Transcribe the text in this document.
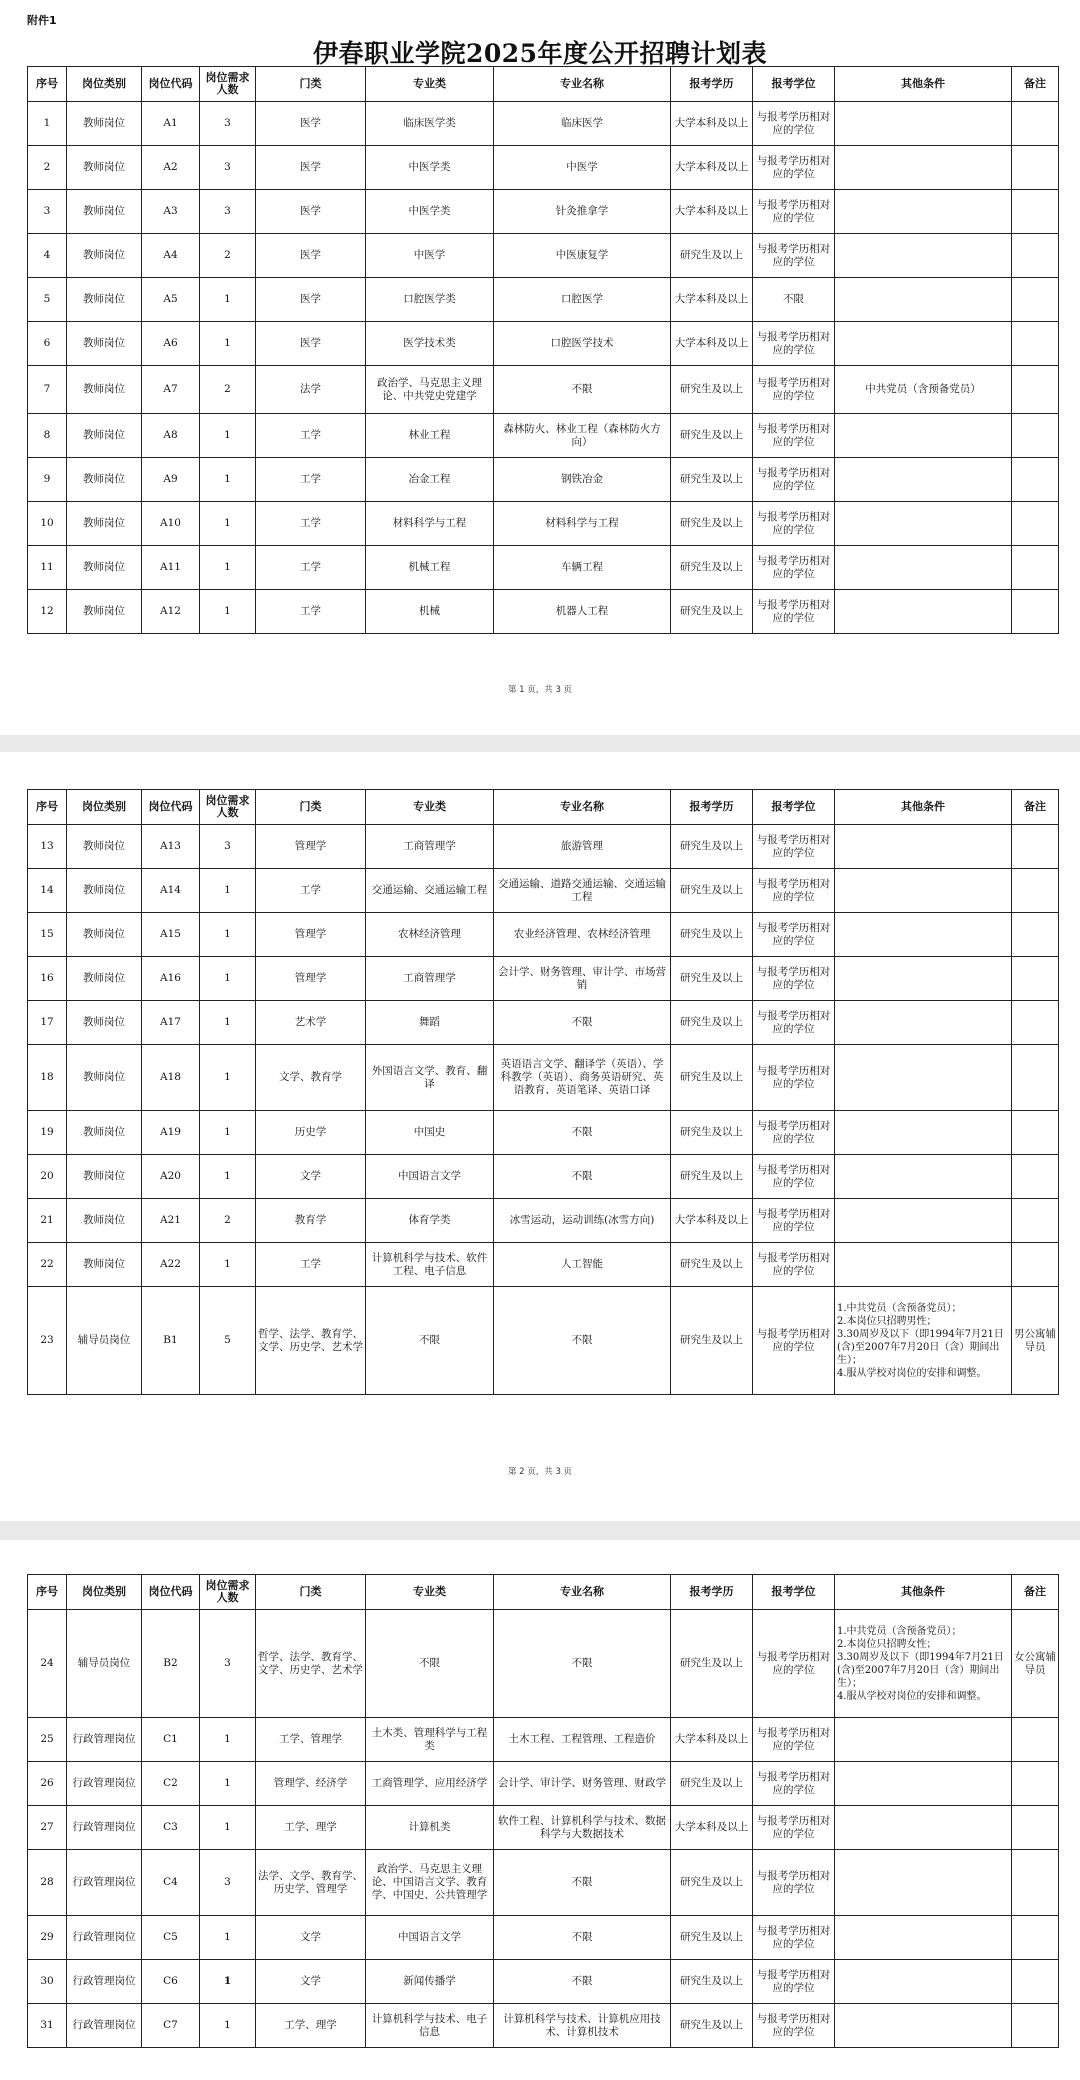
附件1
伊春职业学院2025年度公开招聘计划表
序号	岗位类别	岗位代码	岗位需求人数	门类	专业类	专业名称	报考学历	报考学位	其他条件	备注
1	教师岗位	A1	3	医学	临床医学类	临床医学	大学本科及以上	与报考学历相对应的学位		
2	教师岗位	A2	3	医学	中医学类	中医学	大学本科及以上	与报考学历相对应的学位		
3	教师岗位	A3	3	医学	中医学类	针灸推拿学	大学本科及以上	与报考学历相对应的学位		
4	教师岗位	A4	2	医学	中医学	中医康复学	研究生及以上	与报考学历相对应的学位		
5	教师岗位	A5	1	医学	口腔医学类	口腔医学	大学本科及以上	不限		
6	教师岗位	A6	1	医学	医学技术类	口腔医学技术	大学本科及以上	与报考学历相对应的学位		
7	教师岗位	A7	2	法学	政治学、马克思主义理论、中共党史党建学	不限	研究生及以上	与报考学历相对应的学位	中共党员（含预备党员）	
8	教师岗位	A8	1	工学	林业工程	森林防火、林业工程（森林防火方向）	研究生及以上	与报考学历相对应的学位		
9	教师岗位	A9	1	工学	冶金工程	钢铁冶金	研究生及以上	与报考学历相对应的学位		
10	教师岗位	A10	1	工学	材料科学与工程	材料科学与工程	研究生及以上	与报考学历相对应的学位		
11	教师岗位	A11	1	工学	机械工程	车辆工程	研究生及以上	与报考学历相对应的学位		
12	教师岗位	A12	1	工学	机械	机器人工程	研究生及以上	与报考学历相对应的学位		
第 1 页，共 3 页
序号	岗位类别	岗位代码	岗位需求人数	门类	专业类	专业名称	报考学历	报考学位	其他条件	备注
13	教师岗位	A13	3	管理学	工商管理学	旅游管理	研究生及以上	与报考学历相对应的学位		
14	教师岗位	A14	1	工学	交通运输、交通运输工程	交通运输、道路交通运输、交通运输工程	研究生及以上	与报考学历相对应的学位		
15	教师岗位	A15	1	管理学	农林经济管理	农业经济管理、农林经济管理	研究生及以上	与报考学历相对应的学位		
16	教师岗位	A16	1	管理学	工商管理学	会计学、财务管理、审计学、市场营销	研究生及以上	与报考学历相对应的学位		
17	教师岗位	A17	1	艺术学	舞蹈	不限	研究生及以上	与报考学历相对应的学位		
18	教师岗位	A18	1	文学、教育学	外国语言文学、教育、翻译	英语语言文学、翻译学（英语）、学科教学（英语）、商务英语研究、英语教育、英语笔译、英语口译	研究生及以上	与报考学历相对应的学位		
19	教师岗位	A19	1	历史学	中国史	不限	研究生及以上	与报考学历相对应的学位		
20	教师岗位	A20	1	文学	中国语言文学	不限	研究生及以上	与报考学历相对应的学位		
21	教师岗位	A21	2	教育学	体育学类	冰雪运动，运动训练(冰雪方向)	大学本科及以上	与报考学历相对应的学位		
22	教师岗位	A22	1	工学	计算机科学与技术、软件工程、电子信息	人工智能	研究生及以上	与报考学历相对应的学位		
23	辅导员岗位	B1	5	哲学、法学、教育学、文学、历史学、艺术学	不限	不限	研究生及以上	与报考学历相对应的学位	1.中共党员（含预备党员）；
2.本岗位只招聘男性；
3.30周岁及以下（即1994年7月21日(含)至2007年7月20日（含）期间出生）；
4.服从学校对岗位的安排和调整。	男公寓辅导员
第 2 页，共 3 页
序号	岗位类别	岗位代码	岗位需求人数	门类	专业类	专业名称	报考学历	报考学位	其他条件	备注
24	辅导员岗位	B2	3	哲学、法学、教育学、文学、历史学、艺术学	不限	不限	研究生及以上	与报考学历相对应的学位	1.中共党员（含预备党员）；
2.本岗位只招聘女性；
3.30周岁及以下（即1994年7月21日(含)至2007年7月20日（含）期间出生）；
4.服从学校对岗位的安排和调整。	女公寓辅导员
25	行政管理岗位	C1	1	工学、管理学	土木类、管理科学与工程类	土木工程、工程管理、工程造价	大学本科及以上	与报考学历相对应的学位		
26	行政管理岗位	C2	1	管理学、经济学	工商管理学、应用经济学	会计学、审计学、财务管理、财政学	研究生及以上	与报考学历相对应的学位		
27	行政管理岗位	C3	1	工学、理学	计算机类	软件工程、计算机科学与技术、数据科学与大数据技术	大学本科及以上	与报考学历相对应的学位		
28	行政管理岗位	C4	3	法学、文学、教育学、历史学、管理学	政治学、马克思主义理论、中国语言文学、教育学、中国史、公共管理学	不限	研究生及以上	与报考学历相对应的学位		
29	行政管理岗位	C5	1	文学	中国语言文学	不限	研究生及以上	与报考学历相对应的学位		
30	行政管理岗位	C6	1	文学	新闻传播学	不限	研究生及以上	与报考学历相对应的学位		
31	行政管理岗位	C7	1	工学、理学	计算机科学与技术、电子信息	计算机科学与技术、计算机应用技术、计算机技术	研究生及以上	与报考学历相对应的学位		
